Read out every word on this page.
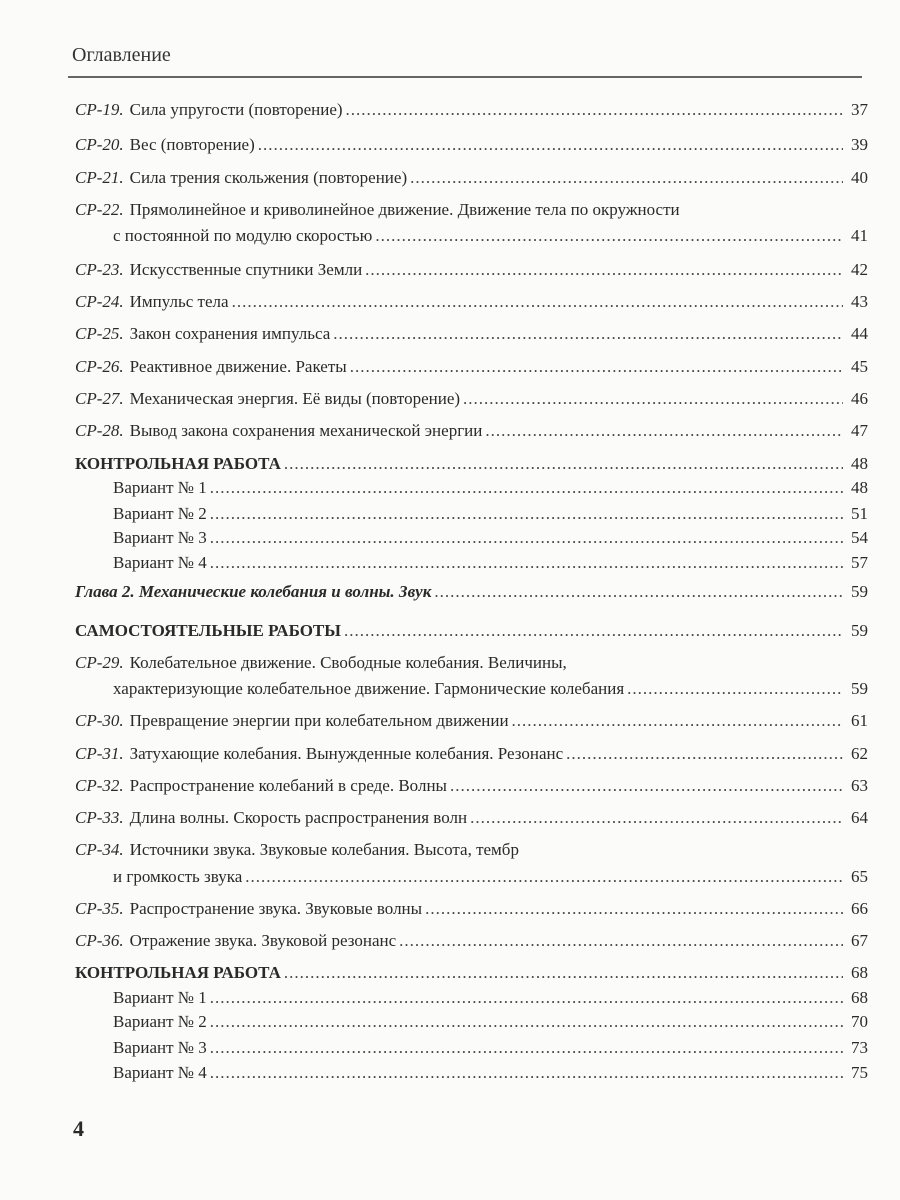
Оглавление
СР-19. Сила упругости (повторение) .....	37
СР-20. Вес (повторение) .....	39
СР-21. Сила трения скольжения (повторение) .....	40
СР-22. Прямолинейное и криволинейное движение. Движение тела по окружности
с постоянной по модулю скоростью .....	41
СР-23. Искусственные спутники Земли .....	42
СР-24. Импульс тела .....	43
СР-25. Закон сохранения импульса .....	44
СР-26. Реактивное движение. Ракеты .....	45
СР-27. Механическая энергия. Её виды (повторение) .....	46
СР-28. Вывод закона сохранения механической энергии .....	47
КОНТРОЛЬНАЯ РАБОТА .....	48
Вариант № 1 .....	48
Вариант № 2 .....	51
Вариант № 3 .....	54
Вариант № 4 .....	57
Глава 2. Механические колебания и волны. Звук .....	59
САМОСТОЯТЕЛЬНЫЕ РАБОТЫ .....	59
СР-29. Колебательное движение. Свободные колебания. Величины,
характеризующие колебательное движение. Гармонические колебания .....	59
СР-30. Превращение энергии при колебательном движении .....	61
СР-31. Затухающие колебания. Вынужденные колебания. Резонанс .....	62
СР-32. Распространение колебаний в среде. Волны .....	63
СР-33. Длина волны. Скорость распространения волн .....	64
СР-34. Источники звука. Звуковые колебания. Высота, тембр
и громкость звука .....	65
СР-35. Распространение звука. Звуковые волны .....	66
СР-36. Отражение звука. Звуковой резонанс .....	67
КОНТРОЛЬНАЯ РАБОТА .....	68
Вариант № 1 .....	68
Вариант № 2 .....	70
Вариант № 3 .....	73
Вариант № 4 .....	75
4
